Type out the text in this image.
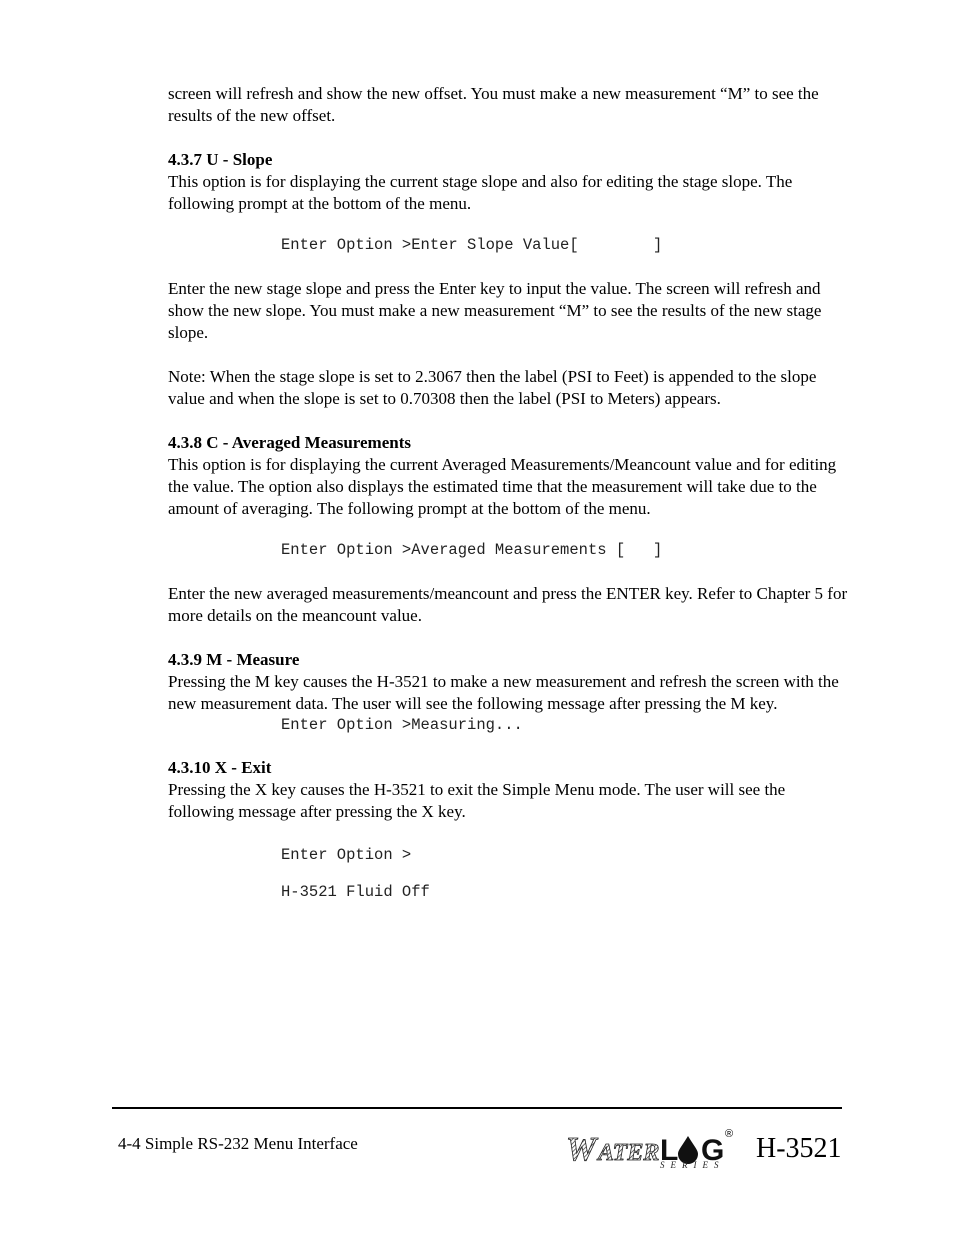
screen will refresh and show the new offset. You must make a new measurement “M” to see the results of the new offset.

4.3.7 U - Slope

This option is for displaying the current stage slope and also for editing the stage slope. The following prompt at the bottom of the menu.

Enter Option >Enter Slope Value[        ]

Enter the new stage slope and press the Enter key to input the value. The screen will refresh and show the new slope. You must make a new measurement “M” to see the results of the new stage slope.

Note: When the stage slope is set to 2.3067 then the label (PSI to Feet) is appended to the slope value and when the slope is set to 0.70308 then the label (PSI to Meters) appears.

4.3.8 C - Averaged Measurements

This option is for displaying the current Averaged Measurements/Meancount value and for editing the value. The option also displays the estimated time that the measurement will take due to the amount of averaging. The following prompt at the bottom of the menu.

Enter Option >Averaged Measurements [   ]

Enter the new averaged measurements/meancount and press the ENTER key. Refer to Chapter 5 for more details on the meancount value.

4.3.9 M - Measure

Pressing the M key causes the H-3521 to make a new measurement and refresh the screen with the new measurement data. The user will see the following message after pressing the M key.

Enter Option >Measuring...
4.3.10 X - Exit

Pressing the X key causes the H-3521 to exit the Simple Menu mode. The user will see the following message after pressing the X key.

Enter Option >
H-3521 Fluid Off
4-4 Simple RS-232 Menu Interface	W ATER L G
SERIES
® H-3521
